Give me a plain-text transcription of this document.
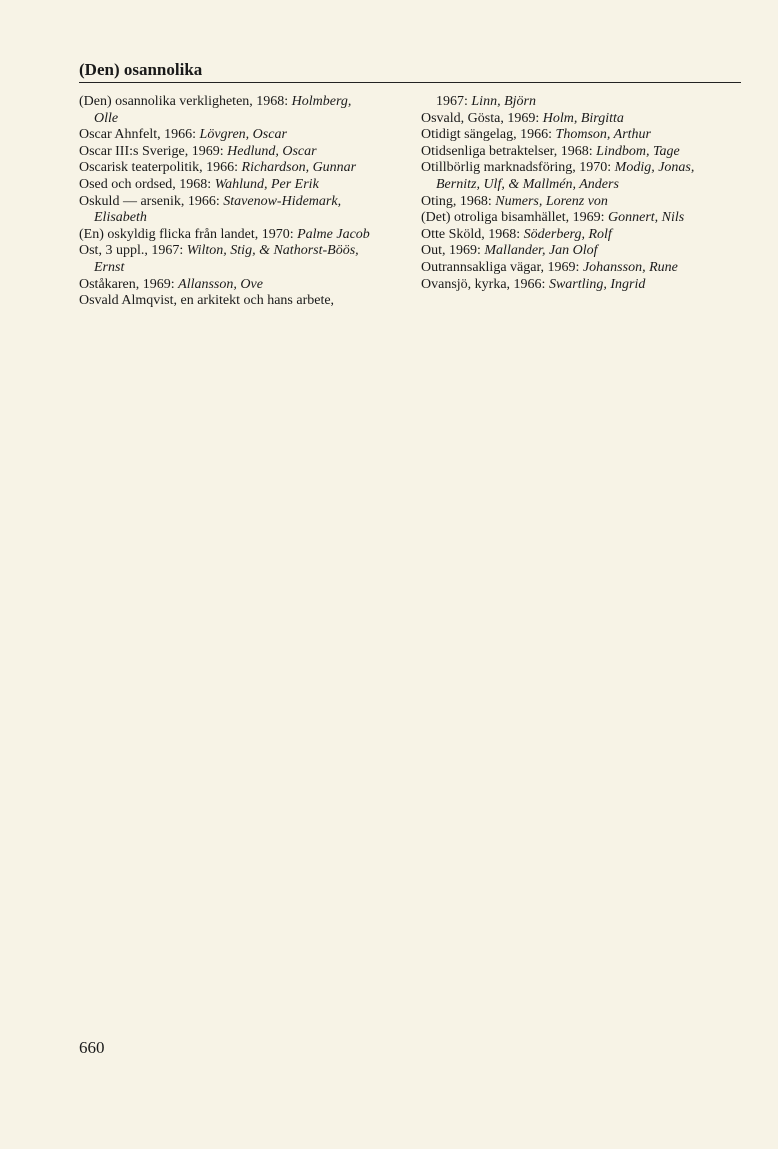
(Den) osannolika
(Den) osannolika verkligheten, 1968: Holmberg,
Olle
Oscar Ahnfelt, 1966: Lövgren, Oscar
Oscar III:s Sverige, 1969: Hedlund, Oscar
Oscarisk teaterpolitik, 1966: Richardson, Gunnar
Osed och ordsed, 1968: Wahlund, Per Erik
Oskuld — arsenik, 1966: Stavenow-Hidemark,
Elisabeth
(En) oskyldig flicka från landet, 1970: Palme Jacob
Ost, 3 uppl., 1967: Wilton, Stig, & Nathorst-Böös,
Ernst
Oståkaren, 1969: Allansson, Ove
Osvald Almqvist, en arkitekt och hans arbete,
1967: Linn, Björn
Osvald, Gösta, 1969: Holm, Birgitta
Otidigt sängelag, 1966: Thomson, Arthur
Otidsenliga betraktelser, 1968: Lindbom, Tage
Otillbörlig marknadsföring, 1970: Modig, Jonas,
Bernitz, Ulf, & Mallmén, Anders
Oting, 1968: Numers, Lorenz von
(Det) otroliga bisamhället, 1969: Gonnert, Nils
Otte Sköld, 1968: Söderberg, Rolf
Out, 1969: Mallander, Jan Olof
Outrannsakliga vägar, 1969: Johansson, Rune
Ovansjö, kyrka, 1966: Swartling, Ingrid
660
